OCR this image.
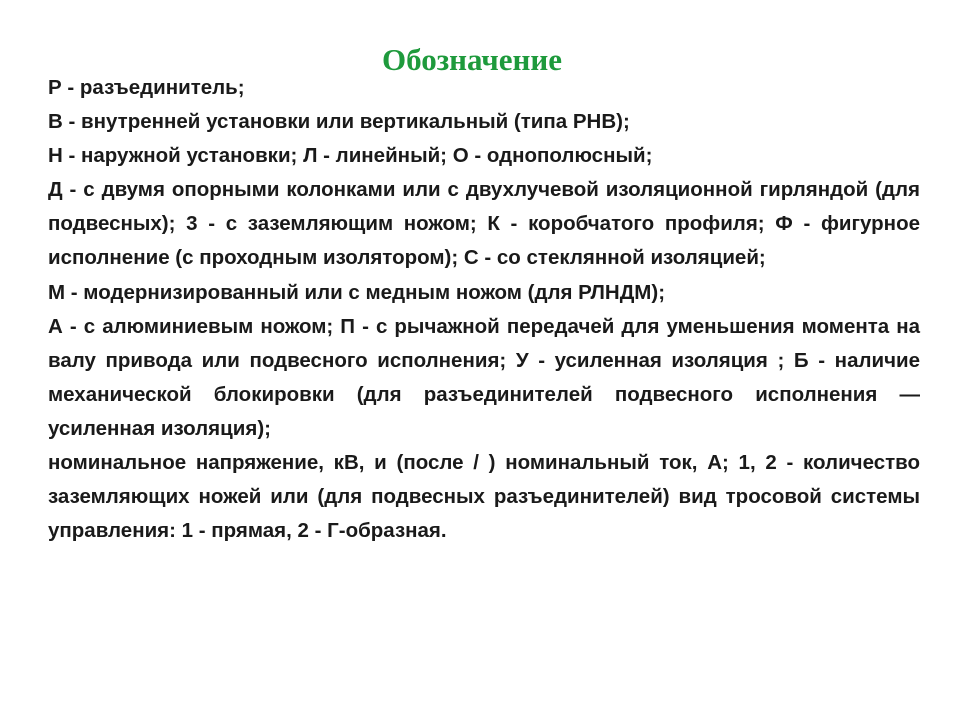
Обозначение

Р - разъединитель;

В - внутренней установки или вертикальный (типа РНВ);

Н - наружной установки; Л - линейный; О - однополюсный;

Д - с двумя опорными колонками или с двухлучевой изоляционной гирляндой (для подвесных); 3 - с заземляющим ножом; К - коробчатого профиля; Ф - фигурное исполнение (с проходным изолятором); С - со стеклянной изоляцией;

М - модернизированный или с медным ножом (для РЛНДМ);

А - с алюминиевым ножом; П - с рычажной передачей для уменьшения момента на валу привода или подвесного исполнения; У - усиленная изоляция ; Б - наличие механической блокировки (для разъединителей подвесного исполнения — усиленная изоляция);

номинальное напряжение, кВ, и (после / ) номинальный ток, А; 1, 2 - количество заземляющих ножей или (для подвесных разъединителей) вид тросовой системы управления: 1 - прямая, 2 - Г-образная.
